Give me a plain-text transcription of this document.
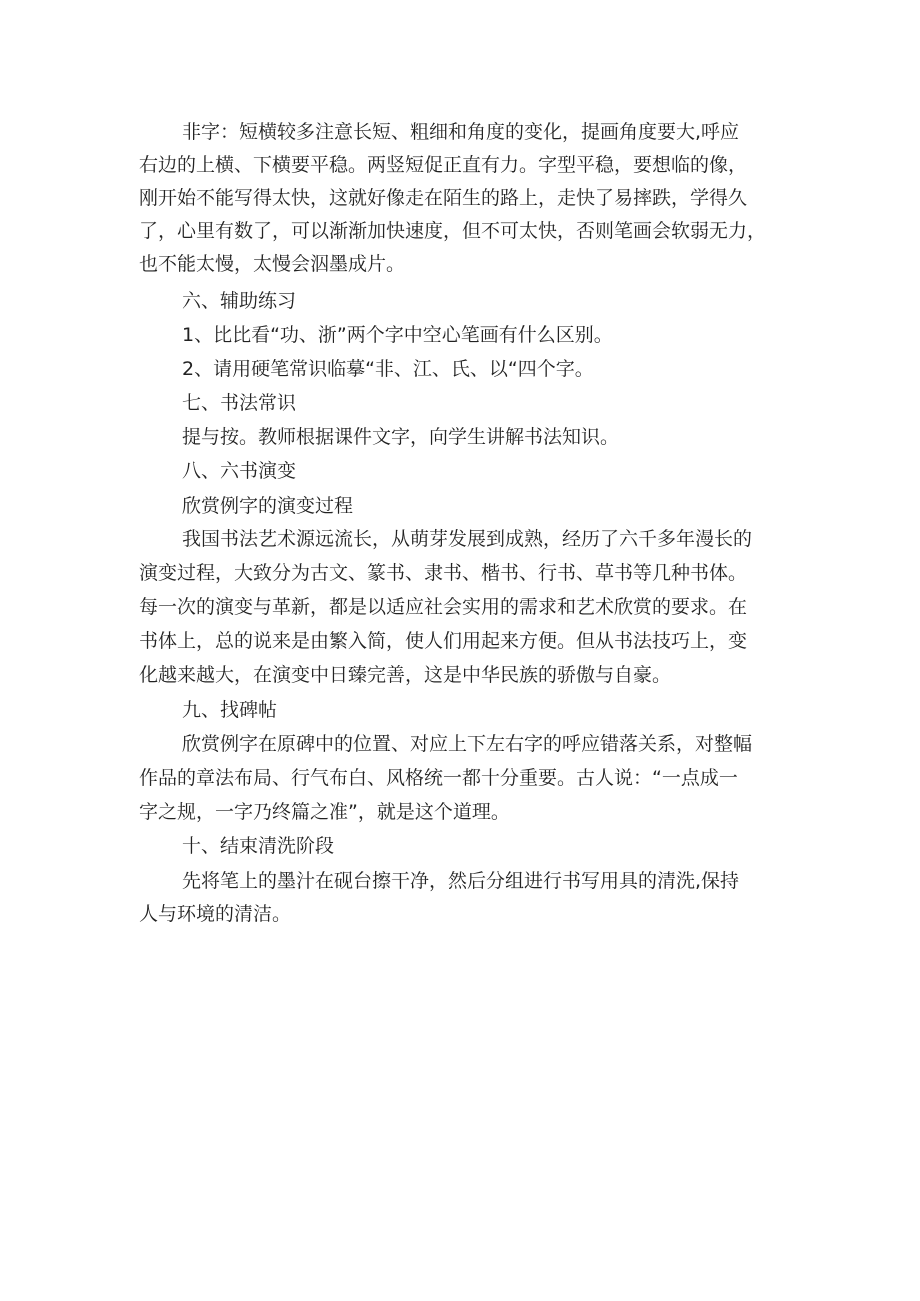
非字：短横较多注意长短、粗细和角度的变化，提画角度要大,呼应
右边的上横、下横要平稳。两竖短促正直有力。字型平稳，要想临的像，
刚开始不能写得太快，这就好像走在陌生的路上，走快了易摔跌，学得久
了，心里有数了，可以渐渐加快速度，但不可太快，否则笔画会软弱无力，
也不能太慢，太慢会泅墨成片。
六、辅助练习
1、比比看“功、浙”两个字中空心笔画有什么区别。
2、请用硬笔常识临摹“非、江、氏、以“四个字。
七、书法常识
提与按。教师根据课件文字，向学生讲解书法知识。
八、六书演变
欣赏例字的演变过程
我国书法艺术源远流长，从萌芽发展到成熟，经历了六千多年漫长的
演变过程，大致分为古文、篆书、隶书、楷书、行书、草书等几种书体。
每一次的演变与革新，都是以适应社会实用的需求和艺术欣赏的要求。在
书体上，总的说来是由繁入简，使人们用起来方便。但从书法技巧上，变
化越来越大，在演变中日臻完善，这是中华民族的骄傲与自豪。
九、找碑帖
欣赏例字在原碑中的位置、对应上下左右字的呼应错落关系，对整幅
作品的章法布局、行气布白、风格统一都十分重要。古人说：“一点成一
字之规，一字乃终篇之准”，就是这个道理。
十、结束清洗阶段
先将笔上的墨汁在砚台擦干净，然后分组进行书写用具的清洗,保持
人与环境的清洁。
